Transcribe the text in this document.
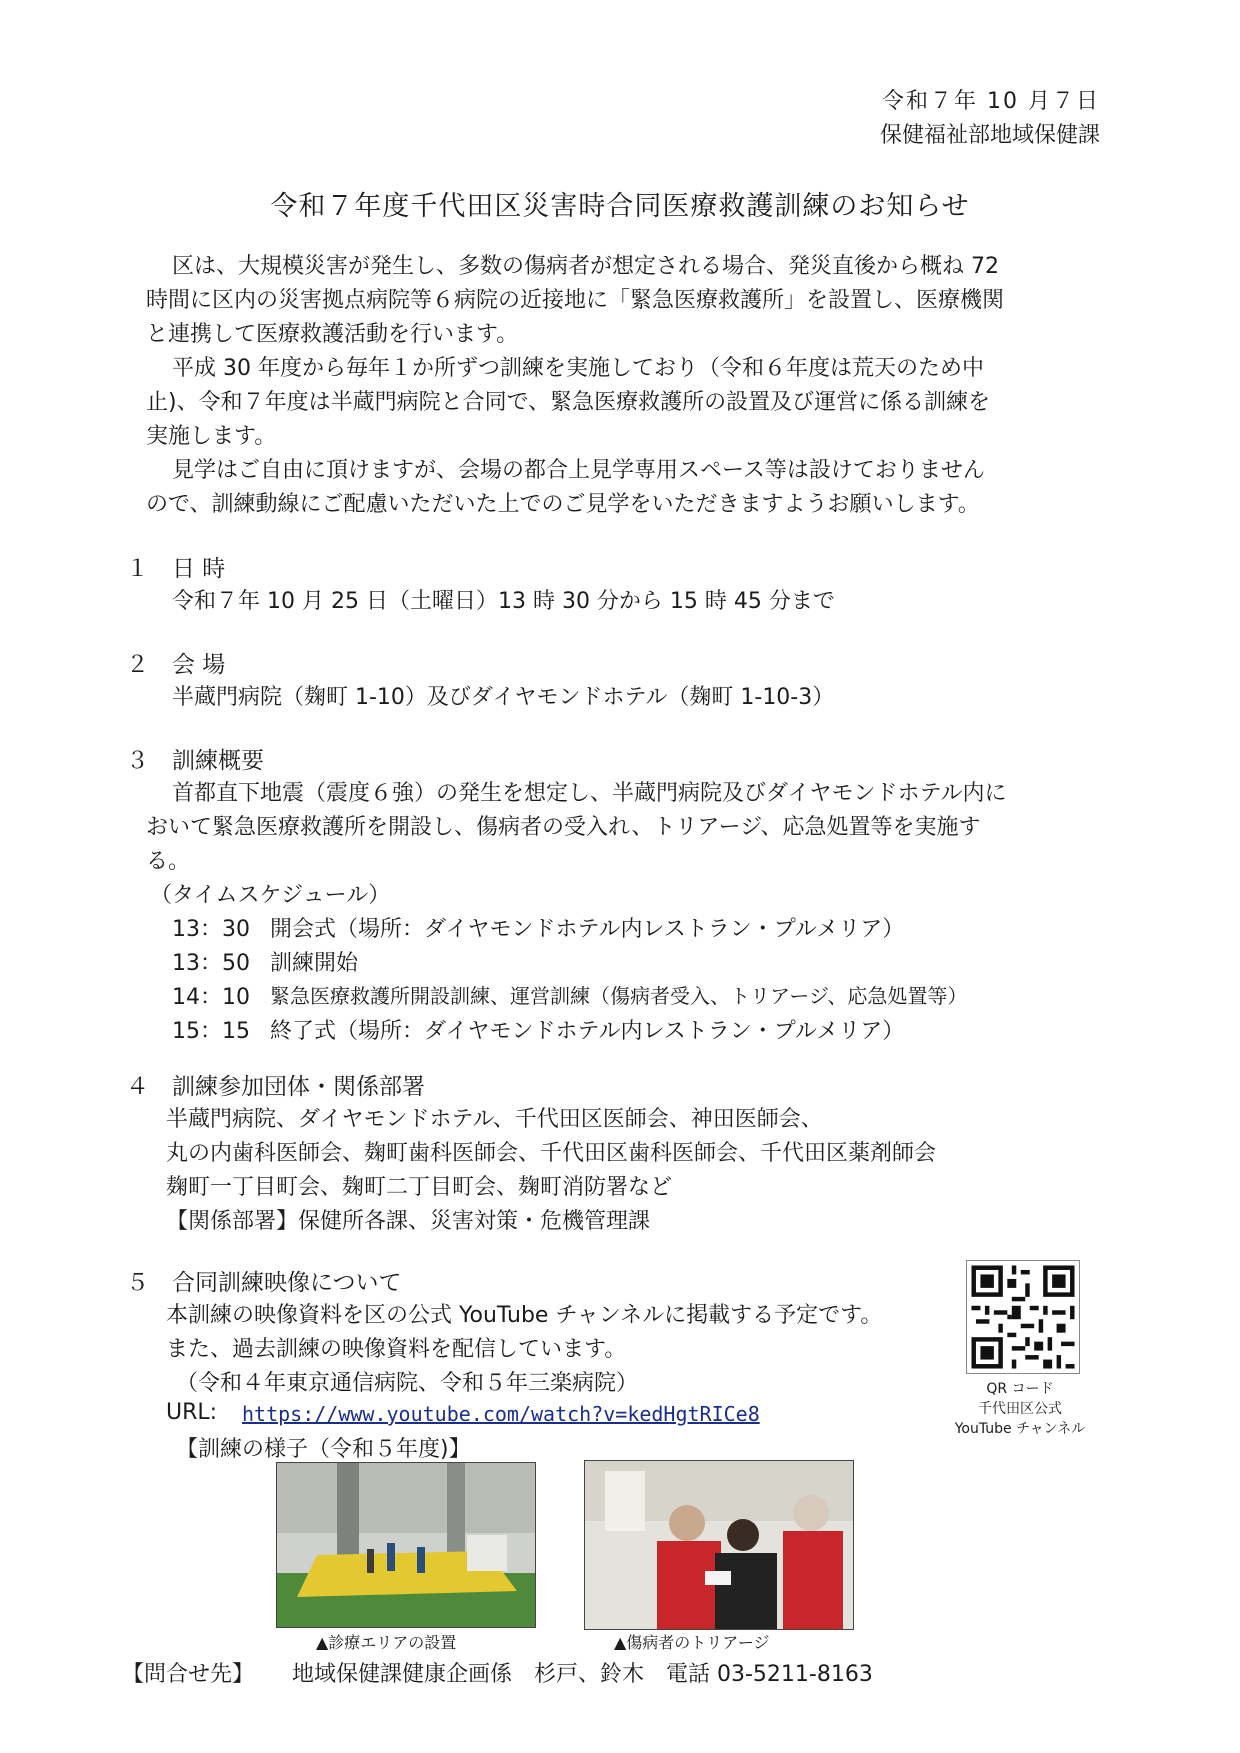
令和７年 10 月７日
保健福祉部地域保健課
令和７年度千代田区災害時合同医療救護訓練のお知らせ
区は、大規模災害が発生し、多数の傷病者が想定される場合、発災直後から概ね 72
時間に区内の災害拠点病院等６病院の近接地に「緊急医療救護所」を設置し、医療機関
と連携して医療救護活動を行います。
平成 30 年度から毎年１か所ずつ訓練を実施しており（令和６年度は荒天のため中
止)、令和７年度は半蔵門病院と合同で、緊急医療救護所の設置及び運営に係る訓練を
実施します。
見学はご自由に頂けますが、会場の都合上見学専用スペース等は設けておりません
ので、訓練動線にご配慮いただいた上でのご見学をいただきますようお願いします。
１ 日 時
令和７年 10 月 25 日（土曜日）13 時 30 分から 15 時 45 分まで
２ 会 場
半蔵門病院（麹町 1-10）及びダイヤモンドホテル（麹町 1-10-3）
３ 訓練概要
首都直下地震（震度６強）の発生を想定し、半蔵門病院及びダイヤモンドホテル内に
おいて緊急医療救護所を開設し、傷病者の受入れ、トリアージ、応急処置等を実施す
る。
（タイムスケジュール）
13：30 開会式（場所：ダイヤモンドホテル内レストラン・プルメリア）
13：50 訓練開始
14：10 緊急医療救護所開設訓練、運営訓練（傷病者受入、トリアージ、応急処置等）
15：15 終了式（場所：ダイヤモンドホテル内レストラン・プルメリア）
４ 訓練参加団体・関係部署
半蔵門病院、ダイヤモンドホテル、千代田区医師会、神田医師会、
丸の内歯科医師会、麹町歯科医師会、千代田区歯科医師会、千代田区薬剤師会
麹町一丁目町会、麹町二丁目町会、麹町消防署など
【関係部署】保健所各課、災害対策・危機管理課
５ 合同訓練映像について
本訓練の映像資料を区の公式 YouTube チャンネルに掲載する予定です。
また、過去訓練の映像資料を配信しています。
（令和４年東京通信病院、令和５年三楽病院）
URL: https://www.youtube.com/watch?v=kedHgtRICe8
【訓練の様子（令和５年度)】
QR コード
千代田区公式
YouTube チャンネル
▲診療エリアの設置	▲傷病者のトリアージ
【問合せ先】 地域保健課健康企画係　杉戸、鈴木　電話 03-5211-8163
